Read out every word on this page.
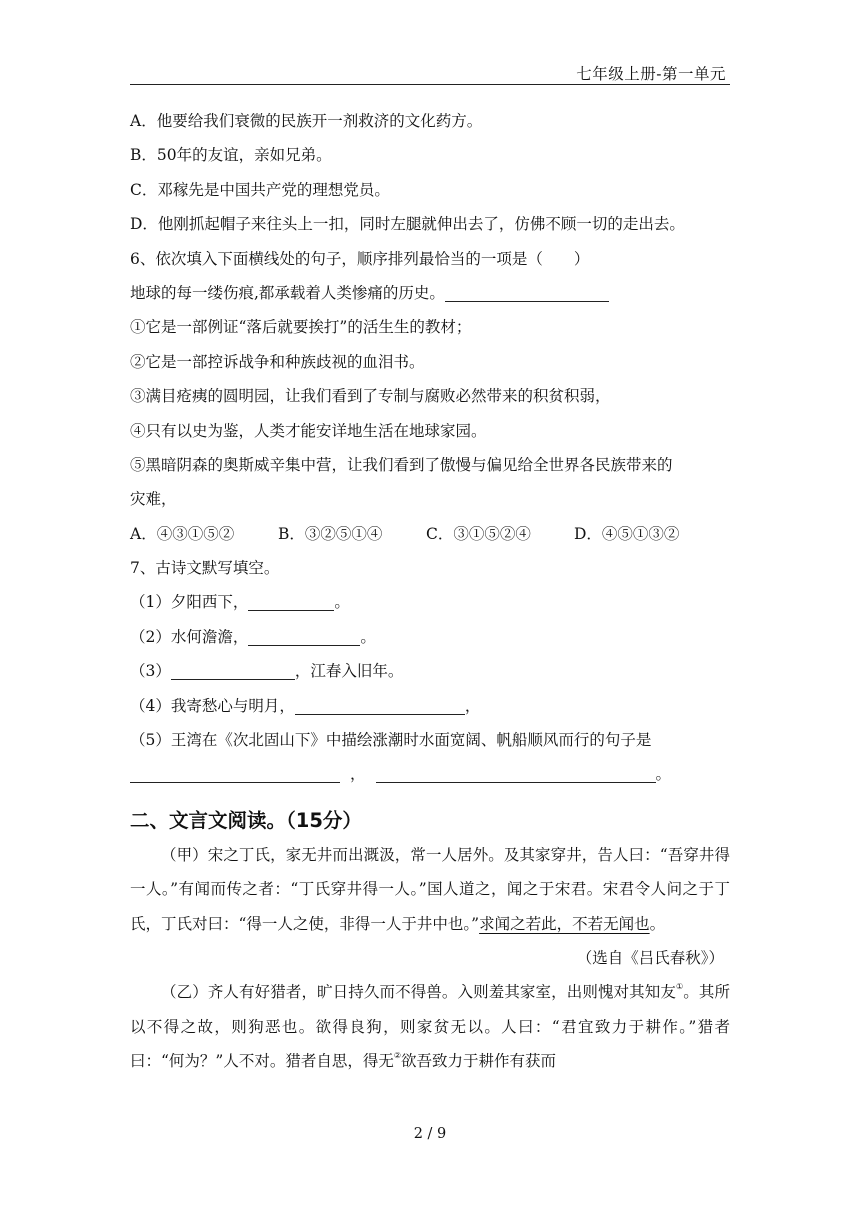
七年级上册-第一单元
A．他要给我们衰微的民族开一剂救济的文化药方。
B．50年的友谊，亲如兄弟。
C．邓稼先是中国共产党的理想党员。
D．他刚抓起帽子来往头上一扣，同时左腿就伸出去了，仿佛不顾一切的走出去。
6、依次填入下面横线处的句子，顺序排列最恰当的一项是（　　）
地球的每一缕伤痕,都承载着人类惨痛的历史。
①它是一部例证“落后就要挨打”的活生生的教材；
②它是一部控诉战争和种族歧视的血泪书。
③满目疮痍的圆明园，让我们看到了专制与腐败必然带来的积贫积弱，
④只有以史为鉴，人类才能安详地生活在地球家园。
⑤黑暗阴森的奥斯威辛集中营，让我们看到了傲慢与偏见给全世界各民族带来的
灾难，
A．④③①⑤②	B．③②⑤①④	C．③①⑤②④	D．④⑤①③②
7、古诗文默写填空。
（1）夕阳西下，	。
（2）水何澹澹，	。
（3）	，江春入旧年。
（4）我寄愁心与明月，	，
（5）王湾在《次北固山下》中描绘涨潮时水面宽阔、帆船顺风而行的句子是
，	。
二、文言文阅读。（15分）
（甲）宋之丁氏，家无井而出溉汲，常一人居外。及其家穿井，告人曰：“吾穿井得一人。”有闻而传之者：“丁氏穿井得一人。”国人道之，闻之于宋君。宋君令人问之于丁氏，丁氏对曰：“得一人之使，非得一人于井中也。”求闻之若此，不若无闻也。
（选自《吕氏春秋》）
（乙）齐人有好猎者，旷日持久而不得兽。入则羞其家室，出则愧对其知友①。其所以不得之故，则狗恶也。欲得良狗，则家贫无以。人曰：“君宜致力于耕作。”猎者曰：“何为？”人不对。猎者自思，得无②欲吾致力于耕作有获而
2 / 9
